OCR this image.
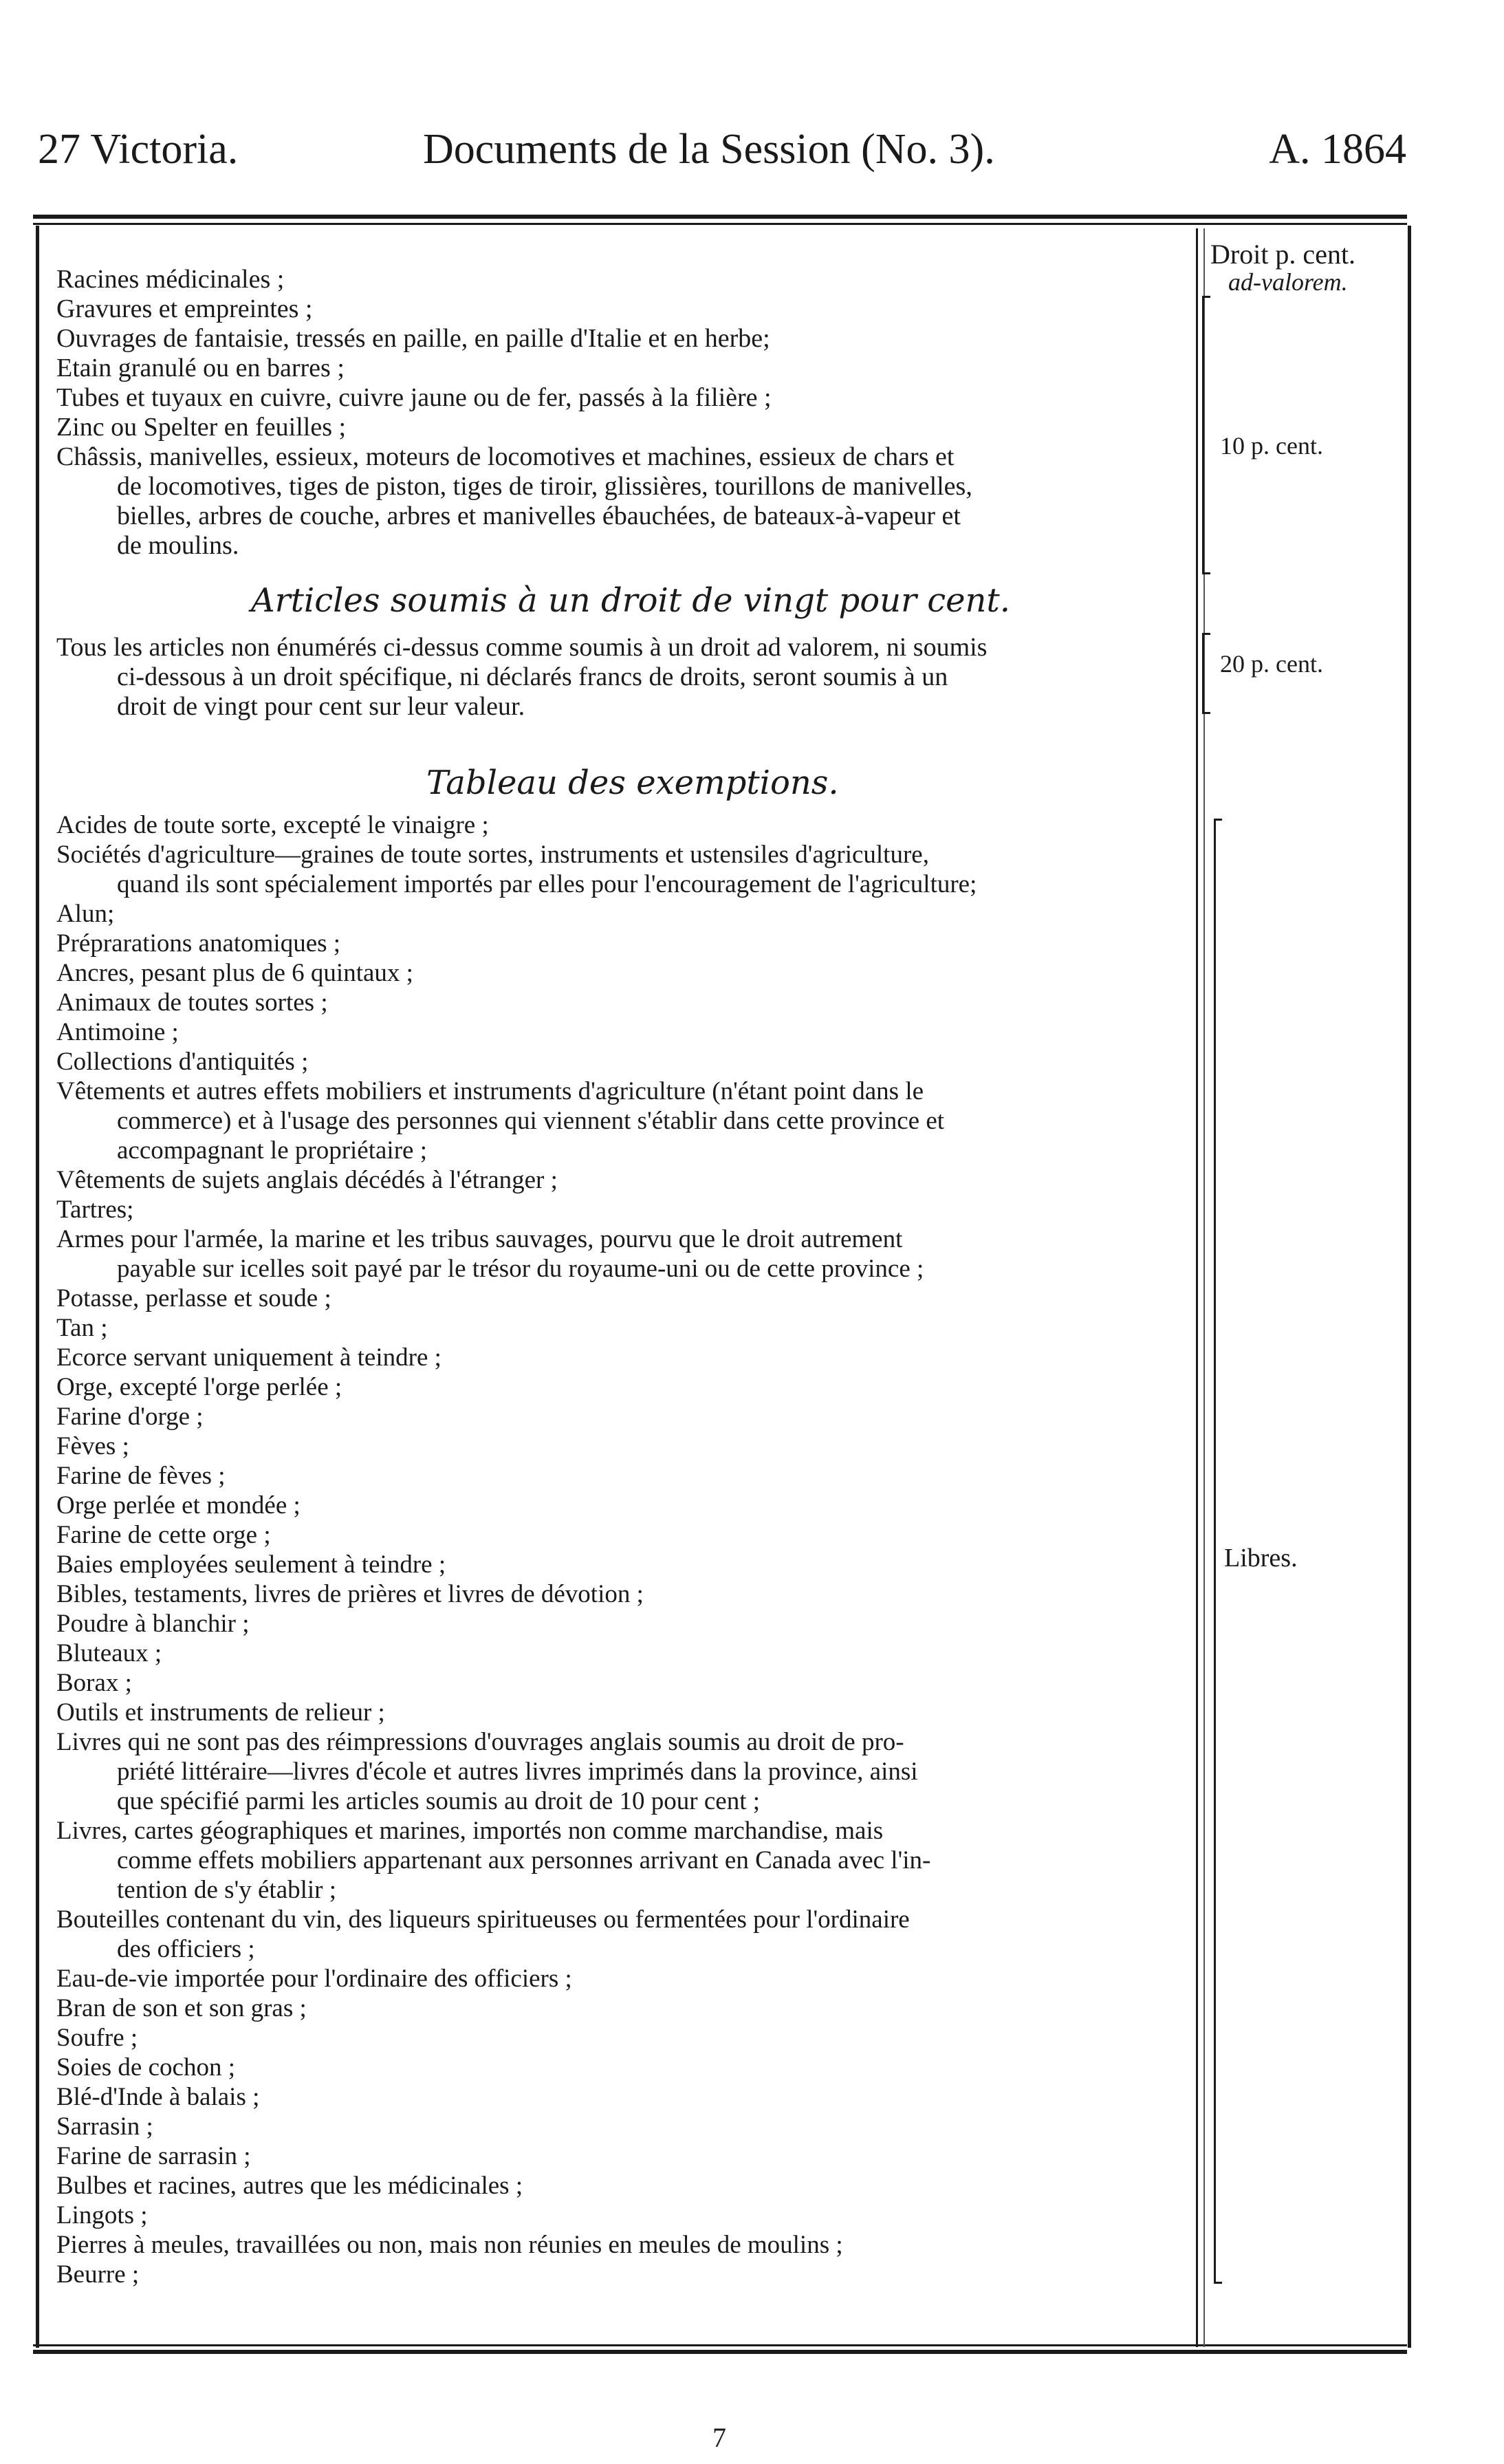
27 Victoria.	Documents de la Session (No. 3).	A. 1864
Racines médicinales ;
Gravures et empreintes ;
Ouvrages de fantaisie, tressés en paille, en paille d'Italie et en herbe;
Etain granulé ou en barres ;
Tubes et tuyaux en cuivre, cuivre jaune ou de fer, passés à la filière ;
Zinc ou Spelter en feuilles ;
Châssis, manivelles, essieux, moteurs de locomotives et machines, essieux de chars et
de locomotives, tiges de piston, tiges de tiroir, glissières, tourillons de manivelles,
bielles, arbres de couche, arbres et manivelles ébauchées, de bateaux-à-vapeur et
de moulins.
Droit p. cent.
ad-valorem.
10 p. cent.
Articles soumis à un droit de vingt pour cent.
Tous les articles non énumérés ci-dessus comme soumis à un droit ad valorem, ni soumis
ci-dessous à un droit spécifique, ni déclarés francs de droits, seront soumis à un
droit de vingt pour cent sur leur valeur.
20 p. cent.
Tableau des exemptions.
Acides de toute sorte, excepté le vinaigre ;
Sociétés d'agriculture—graines de toute sortes, instruments et ustensiles d'agriculture,
quand ils sont spécialement importés par elles pour l'encouragement de l'agriculture;
Alun;
Préprarations anatomiques ;
Ancres, pesant plus de 6 quintaux ;
Animaux de toutes sortes ;
Antimoine ;
Collections d'antiquités ;
Vêtements et autres effets mobiliers et instruments d'agriculture (n'étant point dans le
commerce) et à l'usage des personnes qui viennent s'établir dans cette province et
accompagnant le propriétaire ;
Vêtements de sujets anglais décédés à l'étranger ;
Tartres;
Armes pour l'armée, la marine et les tribus sauvages, pourvu que le droit autrement
payable sur icelles soit payé par le trésor du royaume-uni ou de cette province ;
Potasse, perlasse et soude ;
Tan ;
Ecorce servant uniquement à teindre ;
Orge, excepté l'orge perlée ;
Farine d'orge ;
Fèves ;
Farine de fèves ;
Orge perlée et mondée ;
Farine de cette orge ;
Baies employées seulement à teindre ;
Bibles, testaments, livres de prières et livres de dévotion ;
Poudre à blanchir ;
Bluteaux ;
Borax ;
Outils et instruments de relieur ;
Livres qui ne sont pas des réimpressions d'ouvrages anglais soumis au droit de pro-
priété littéraire—livres d'école et autres livres imprimés dans la province, ainsi
que spécifié parmi les articles soumis au droit de 10 pour cent ;
Livres, cartes géographiques et marines, importés non comme marchandise, mais
comme effets mobiliers appartenant aux personnes arrivant en Canada avec l'in-
tention de s'y établir ;
Bouteilles contenant du vin, des liqueurs spiritueuses ou fermentées pour l'ordinaire
des officiers ;
Eau-de-vie importée pour l'ordinaire des officiers ;
Bran de son et son gras ;
Soufre ;
Soies de cochon ;
Blé-d'Inde à balais ;
Sarrasin ;
Farine de sarrasin ;
Bulbes et racines, autres que les médicinales ;
Lingots ;
Pierres à meules, travaillées ou non, mais non réunies en meules de moulins ;
Beurre ;
Libres.
7
